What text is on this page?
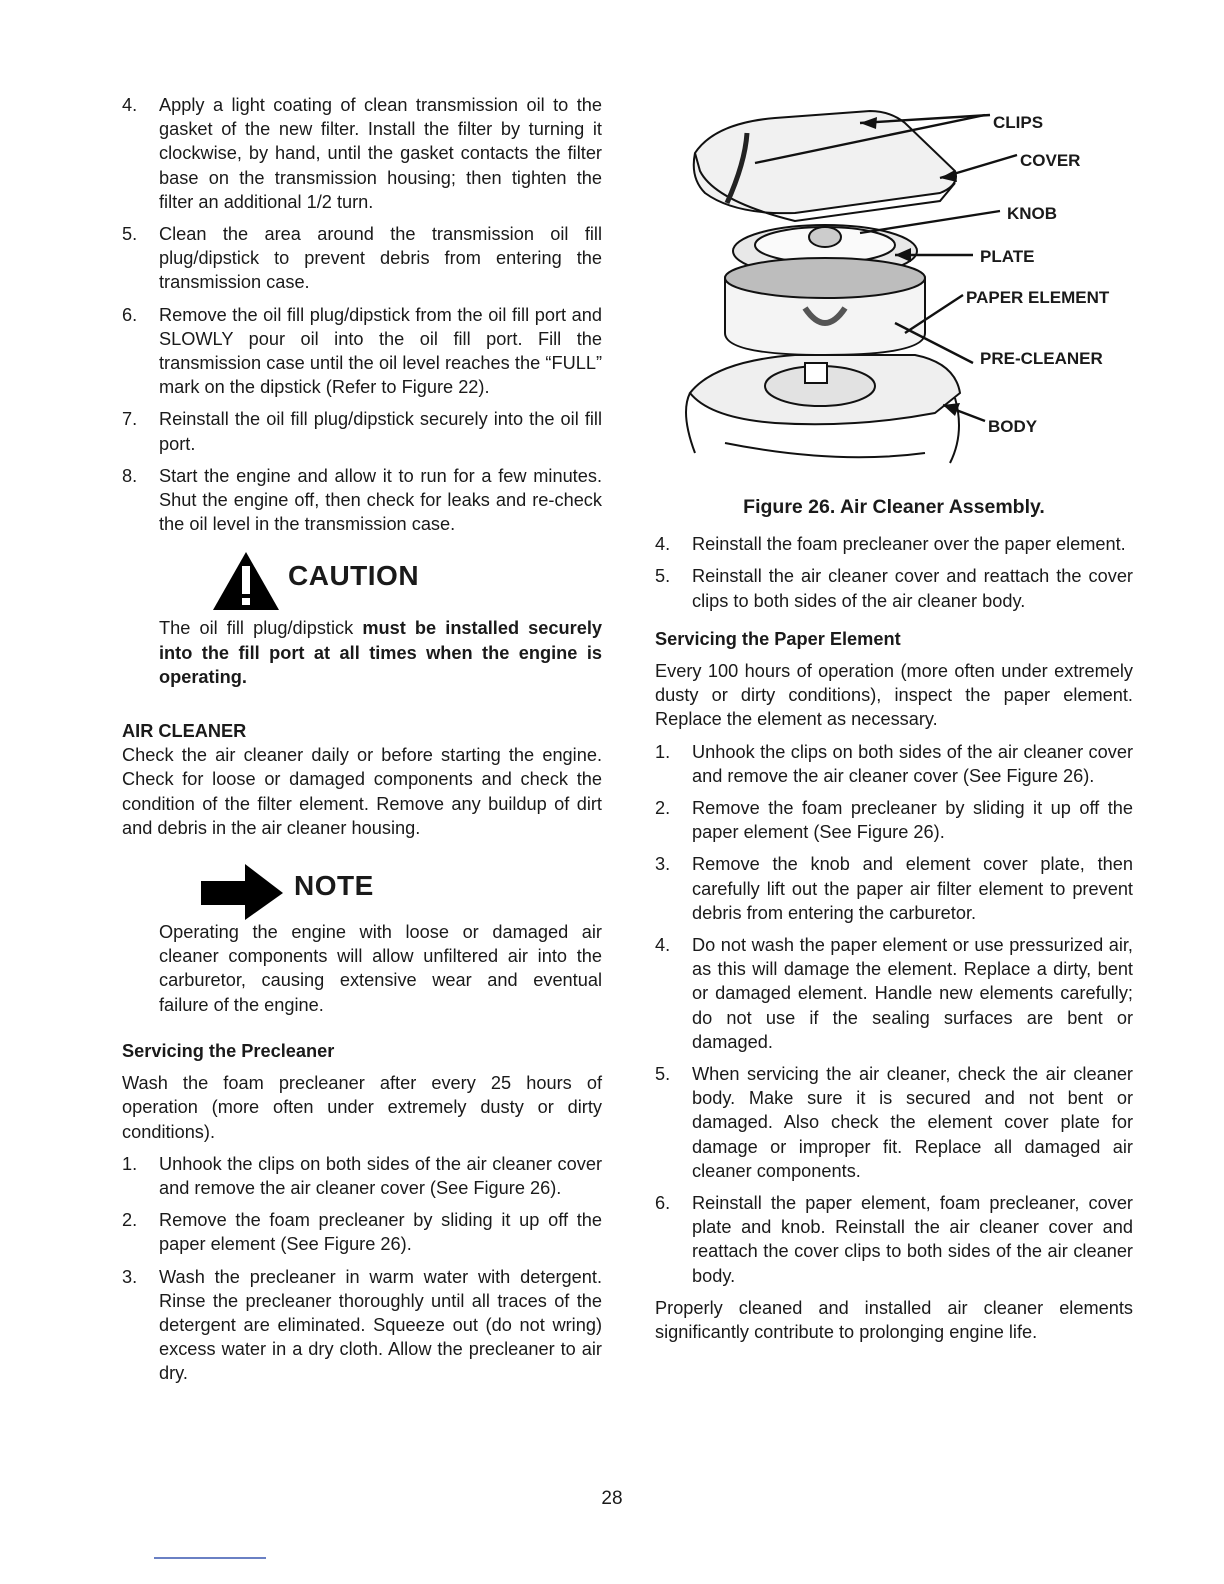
4. Apply a light coating of clean transmission oil to the gasket of the new filter. Install the filter by turning it clockwise, by hand, until the gasket contacts the filter base on the transmission housing; then tighten the filter an additional 1/2 turn.
5. Clean the area around the transmission oil fill plug/dipstick to prevent debris from entering the transmission case.
6. Remove the oil fill plug/dipstick from the oil fill port and SLOWLY pour oil into the oil fill port. Fill the transmission case until the oil level reaches the “FULL” mark on the dipstick (Refer to Figure 22).
7. Reinstall the oil fill plug/dipstick securely into the oil fill port.
8. Start the engine and allow it to run for a few minutes. Shut the engine off, then check for leaks and re-check the oil level in the transmission case.
CAUTION

The oil fill plug/dipstick must be installed securely into the fill port at all times when the engine is operating.

AIR CLEANER

Check the air cleaner daily or before starting the engine. Check for loose or damaged components and check the condition of the filter element. Remove any buildup of dirt and debris in the air cleaner housing.

NOTE

Operating the engine with loose or damaged air cleaner components will allow unfiltered air into the carburetor, causing extensive wear and eventual failure of the engine.

Servicing the Precleaner

Wash the foam precleaner after every 25 hours of operation (more often under extremely dusty or dirty conditions).

1. Unhook the clips on both sides of the air cleaner cover and remove the air cleaner cover (See Figure 26).
2. Remove the foam precleaner by sliding it up off the paper element (See Figure 26).
3. Wash the precleaner in warm water with detergent. Rinse the precleaner thoroughly until all traces of the detergent are eliminated. Squeeze out (do not wring) excess water in a dry cloth. Allow the precleaner to air dry.
CLIPS
COVER
KNOB
PLATE
PAPER ELEMENT
PRE-CLEANER
BODY
Figure 26. Air Cleaner Assembly.
4. Reinstall the foam precleaner over the paper element.
5. Reinstall the air cleaner cover and reattach the cover clips to both sides of the air cleaner body.
Servicing the Paper Element

Every 100 hours of operation (more often under extremely dusty or dirty conditions), inspect the paper element. Replace the element as necessary.

1. Unhook the clips on both sides of the air cleaner cover and remove the air cleaner cover (See Figure 26).
2. Remove the foam precleaner by sliding it up off the paper element (See Figure 26).
3. Remove the knob and element cover plate, then carefully lift out the paper air filter element to prevent debris from entering the carburetor.
4. Do not wash the paper element or use pressurized air, as this will damage the element. Replace a dirty, bent or damaged element. Handle new elements carefully; do not use if the sealing surfaces are bent or damaged.
5. When servicing the air cleaner, check the air cleaner body. Make sure it is secured and not bent or damaged. Also check the element cover plate for damage or improper fit. Replace all damaged air cleaner components.
6. Reinstall the paper element, foam precleaner, cover plate and knob. Reinstall the air cleaner cover and reattach the cover clips to both sides of the air cleaner body.

Properly cleaned and installed air cleaner elements significantly contribute to prolonging engine life.

28
